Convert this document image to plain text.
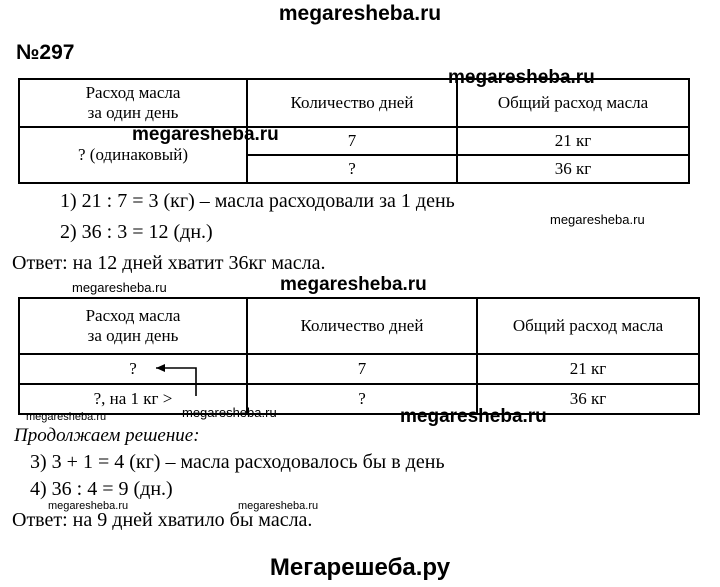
megaresheba.ru
№297
Расход масла
за один день	Количество дней	Общий расход масла
? (одинаковый)	7	21 кг
	?	36 кг
1) 21 : 7 = 3 (кг) – масла расходовали за 1 день
2) 36 : 3 = 12 (дн.)
Ответ: на 12 дней хватит 36кг масла.
Расход масла
за один день	Количество дней	Общий расход масла
?	7	21 кг
?, на 1 кг >	?	36 кг
Продолжаем решение:
3) 3 + 1 = 4 (кг) – масла расходовалось бы в день
4) 36 : 4 = 9 (дн.)
Ответ: на 9 дней хватило бы масла.
megaresheba.ru
megaresheba.ru
megaresheba.ru
megaresheba.ru	megaresheba.ru
megaresheba.ru	megaresheba.ru
megaresheba.ru
megaresheba.ru	megaresheba.ru
Мегарешеба.ру
